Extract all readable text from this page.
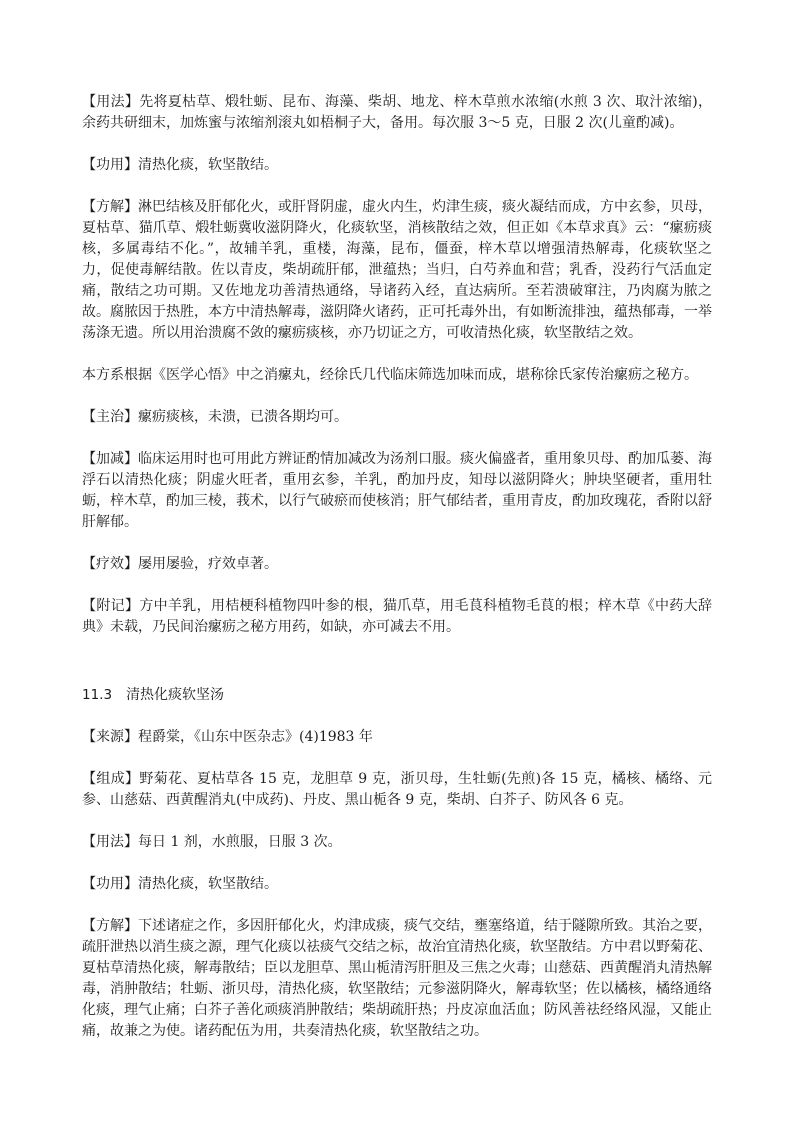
【用法】先将夏枯草、煅牡蛎、昆布、海藻、柴胡、地龙、梓木草煎水浓缩(水煎 3 次、取汁浓缩)，余药共研细末，加炼蜜与浓缩剂滚丸如梧桐子大，备用。每次服 3～5 克，日服 2 次(儿童酌减)。

【功用】清热化痰，软坚散结。

【方解】淋巴结核及肝郁化火，或肝肾阴虚，虚火内生，灼津生痰，痰火凝结而成，方中玄参，贝母，夏枯草、猫爪草、煅牡蛎冀收滋阴降火，化痰软坚，消核散结之效，但正如《本草求真》云：“瘰疬痰核，多属毒结不化。”，故辅羊乳，重楼，海藻，昆布，僵蚕，梓木草以增强清热解毒，化痰软坚之力，促使毒解结散。佐以青皮，柴胡疏肝郁，泄蕴热；当归，白芍养血和营；乳香，没药行气活血定痛，散结之功可期。又佐地龙功善清热通络，导诸药入经，直达病所。至若溃破窜注，乃肉腐为脓之故。腐脓因于热胜，本方中清热解毒，滋阴降火诸药，正可托毒外出，有如断流排浊，蕴热郁毒，一举荡涤无遗。所以用治溃腐不敛的瘰疬痰核，亦乃切证之方，可收清热化痰，软坚散结之效。

本方系根据《医学心悟》中之消瘰丸，经徐氏几代临床筛选加味而成，堪称徐氏家传治瘰疬之秘方。

【主治】瘰疬痰核，未溃，已溃各期均可。

【加减】临床运用时也可用此方辨证酌情加减改为汤剂口服。痰火偏盛者，重用象贝母、酌加瓜蒌、海浮石以清热化痰；阴虚火旺者，重用玄参，羊乳，酌加丹皮，知母以滋阴降火；肿块坚硬者，重用牡蛎，梓木草，酌加三棱，莪术，以行气破瘀而使核消；肝气郁结者，重用青皮，酌加玫瑰花，香附以舒肝解郁。

【疗效】屡用屡验，疗效卓著。

【附记】方中羊乳，用桔梗科植物四叶参的根，猫爪草，用毛茛科植物毛茛的根；梓木草《中药大辞典》未载，乃民间治瘰疬之秘方用药，如缺，亦可减去不用。

11.3 清热化痰软坚汤

【来源】程爵棠，《山东中医杂志》(4)1983 年

【组成】野菊花、夏枯草各 15 克，龙胆草 9 克，浙贝母，生牡蛎(先煎)各 15 克，橘核、橘络、元参、山慈菇、西黄醒消丸(中成药)、丹皮、黑山栀各 9 克，柴胡、白芥子、防风各 6 克。

【用法】每日 1 剂，水煎服，日服 3 次。

【功用】清热化痰，软坚散结。

【方解】下述诸症之作，多因肝郁化火，灼津成痰，痰气交结，壅塞络道，结于隧隙所致。其治之要，疏肝泄热以消生痰之源，理气化痰以祛痰气交结之标，故治宜清热化痰，软坚散结。方中君以野菊花、夏枯草清热化痰，解毒散结；臣以龙胆草、黑山栀清泻肝胆及三焦之火毒；山慈菇、西黄醒消丸清热解毒，消肿散结；牡蛎、浙贝母，清热化痰，软坚散结；元参滋阴降火，解毒软坚；佐以橘核，橘络通络化痰，理气止痛；白芥子善化顽痰消肿散结；柴胡疏肝热；丹皮凉血活血；防风善祛经络风湿，又能止痛，故兼之为使。诸药配伍为用，共奏清热化痰，软坚散结之功。
